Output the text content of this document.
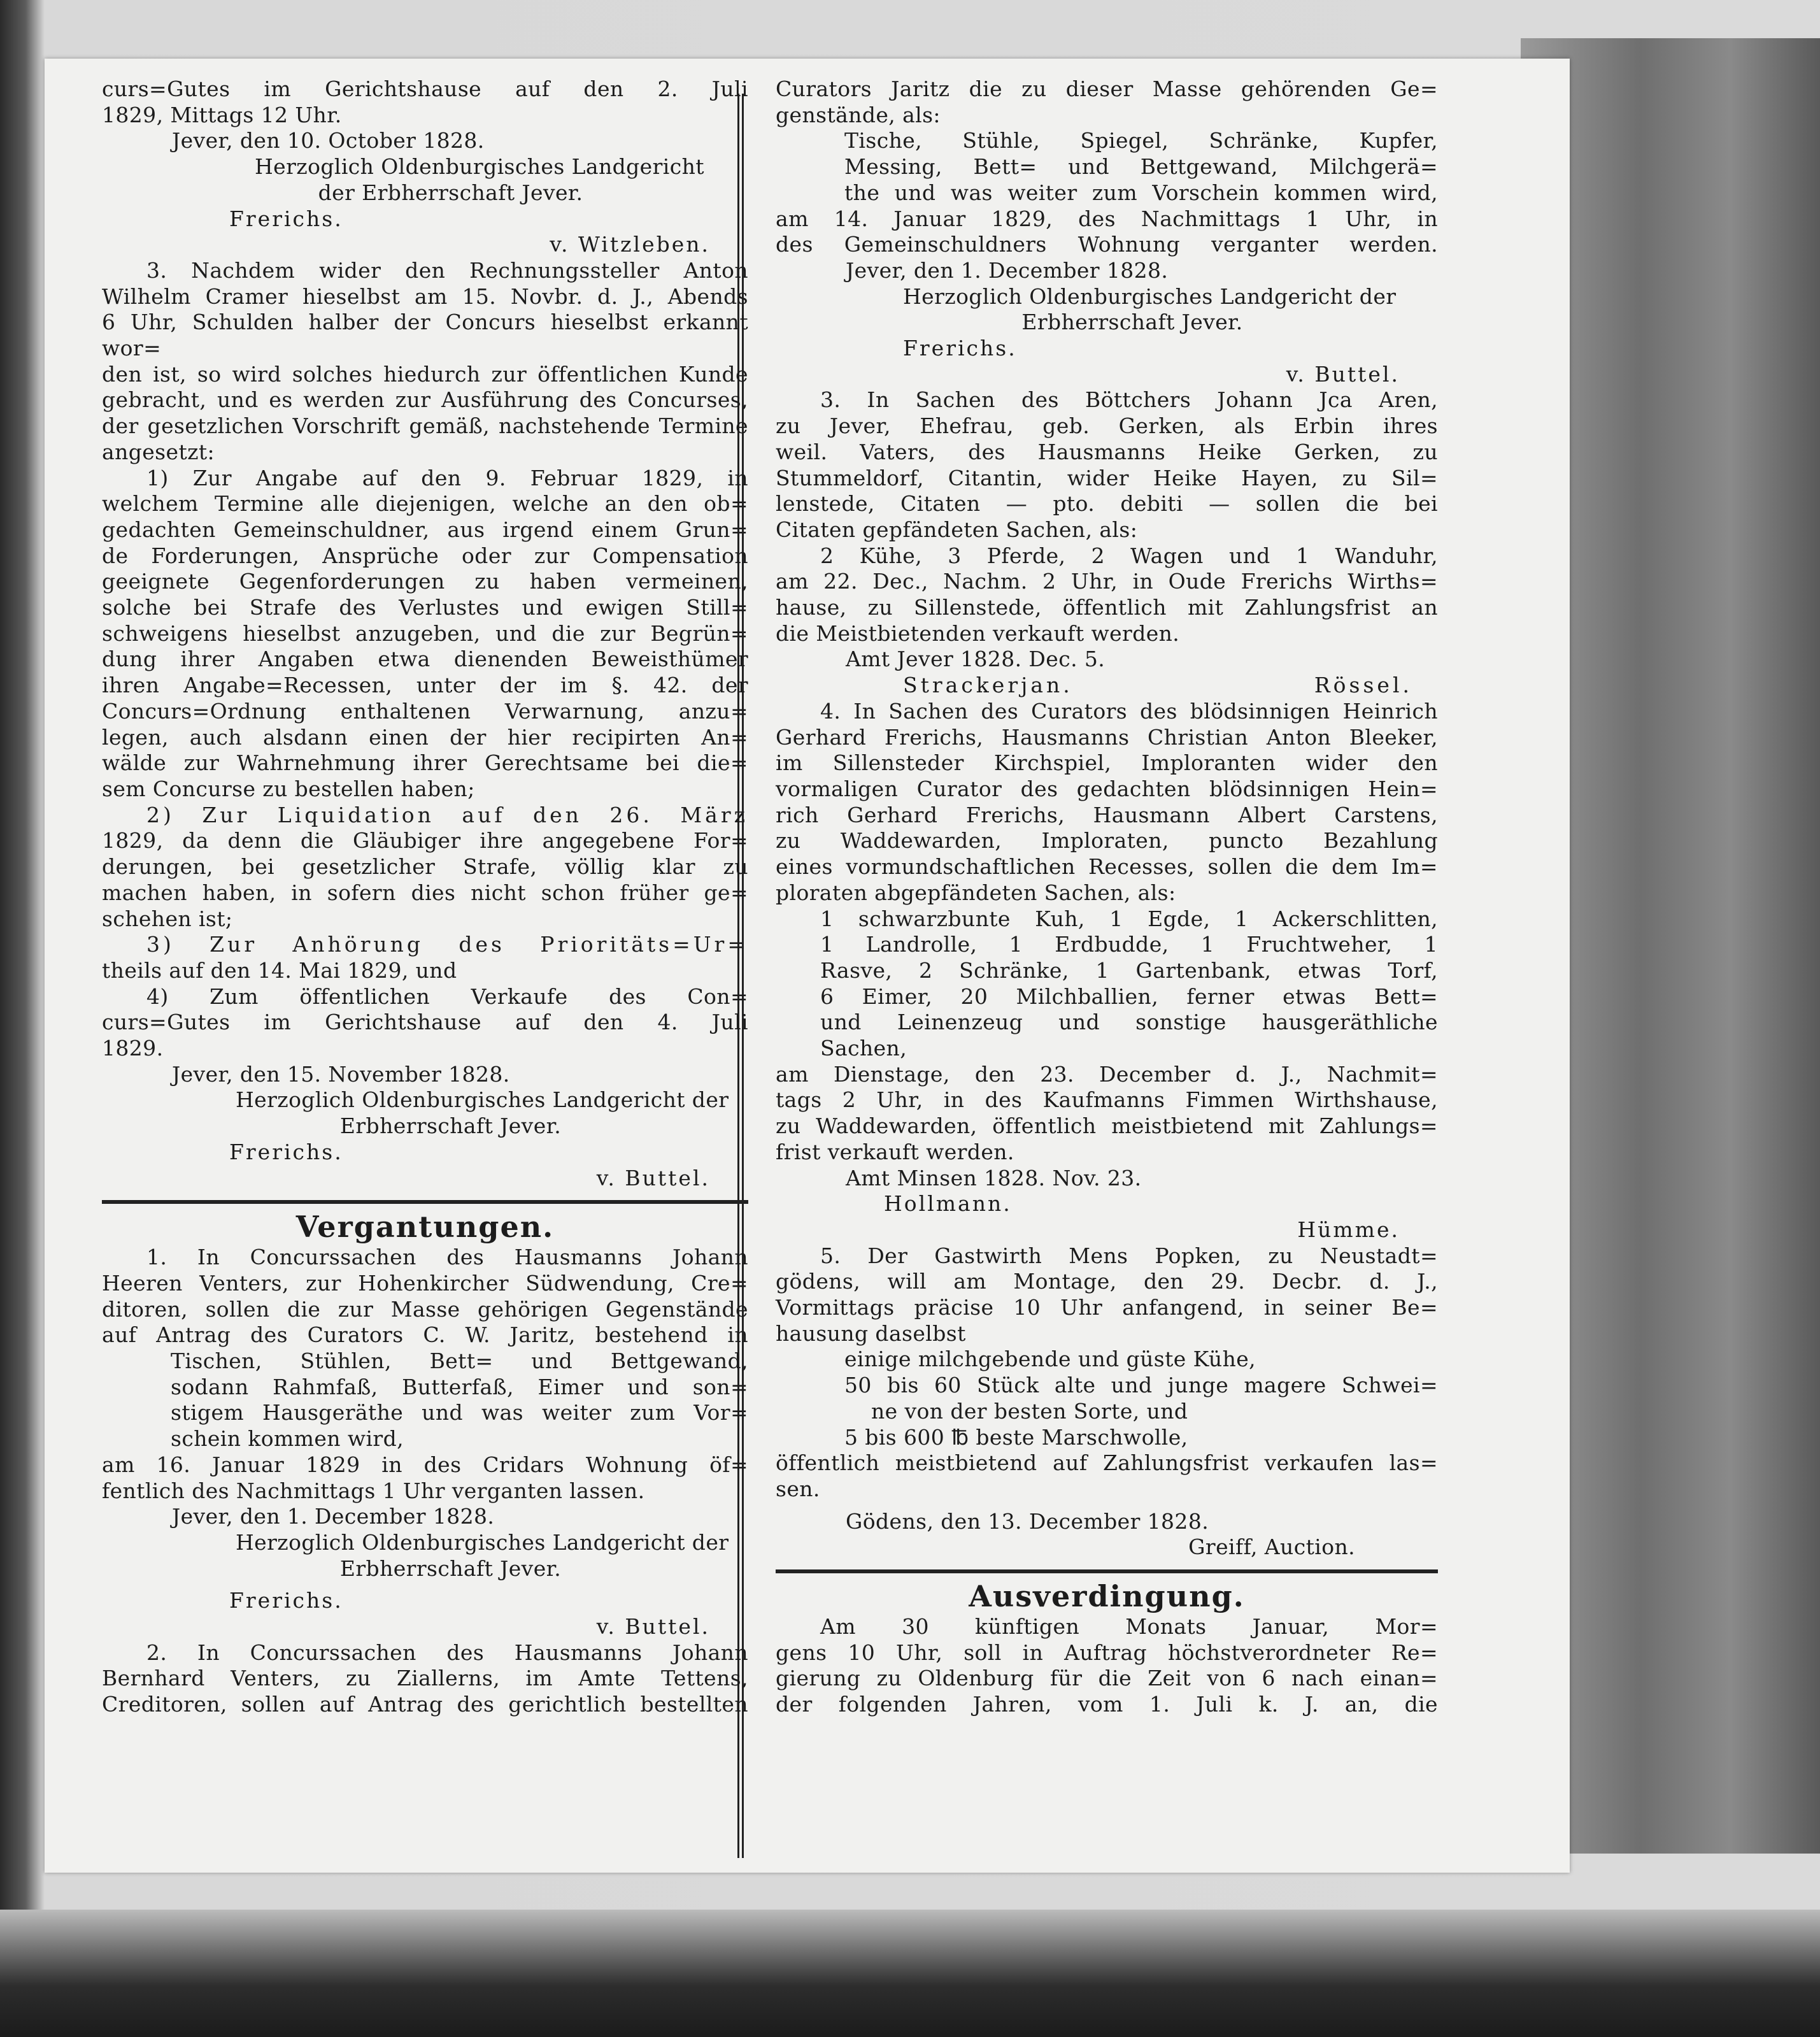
curs=Gutes im Gerichtshause auf den 2. Juli

1829, Mittags 12 Uhr.

Jever, den 10. October 1828.

Herzoglich Oldenburgisches Landgericht

der Erbherrschaft Jever.

Frerichs.

v. Witzleben.

3. Nachdem wider den Rechnungssteller Anton

Wilhelm Cramer hieselbst am 15. Novbr. d. J., Abends

6 Uhr, Schulden halber der Concurs hieselbst erkannt wor=

den ist, so wird solches hiedurch zur öffentlichen Kunde

gebracht, und es werden zur Ausführung des Concurses,

der gesetzlichen Vorschrift gemäß, nachstehende Termine

angesetzt:

1) Zur Angabe auf den 9. Februar 1829, in

welchem Termine alle diejenigen, welche an den ob=

gedachten Gemeinschuldner, aus irgend einem Grun=

de Forderungen, Ansprüche oder zur Compensation

geeignete Gegenforderungen zu haben vermeinen,

solche bei Strafe des Verlustes und ewigen Still=

schweigens hieselbst anzugeben, und die zur Begrün=

dung ihrer Angaben etwa dienenden Beweisthümer

ihren Angabe=Recessen, unter der im §. 42. der

Concurs=Ordnung enthaltenen Verwarnung, anzu=

legen, auch alsdann einen der hier recipirten An=

wälde zur Wahrnehmung ihrer Gerechtsame bei die=

sem Concurse zu bestellen haben;

2) Zur Liquidation auf den 26. März

1829, da denn die Gläubiger ihre angegebene For=

derungen, bei gesetzlicher Strafe, völlig klar zu

machen haben, in sofern dies nicht schon früher ge=

schehen ist;

3) Zur Anhörung des Prioritäts=Ur=

theils auf den 14. Mai 1829, und

4) Zum öffentlichen Verkaufe des Con=

curs=Gutes im Gerichtshause auf den 4. Juli

1829.

Jever, den 15. November 1828.

Herzoglich Oldenburgisches Landgericht der

Erbherrschaft Jever.

Frerichs.

v. Buttel.

Vergantungen.

1. In Concurssachen des Hausmanns Johann

Heeren Venters, zur Hohenkircher Südwendung, Cre=

ditoren, sollen die zur Masse gehörigen Gegenstände

auf Antrag des Curators C. W. Jaritz, bestehend in

Tischen, Stühlen, Bett= und Bettgewand,

sodann Rahmfaß, Butterfaß, Eimer und son=

stigem Hausgeräthe und was weiter zum Vor=

schein kommen wird,

am 16. Januar 1829 in des Cridars Wohnung öf=

fentlich des Nachmittags 1 Uhr verganten lassen.

Jever, den 1. December 1828.

Herzoglich Oldenburgisches Landgericht der

Erbherrschaft Jever.

Frerichs.

v. Buttel.

2. In Concurssachen des Hausmanns Johann

Bernhard Venters, zu Ziallerns, im Amte Tettens,

Creditoren, sollen auf Antrag des gerichtlich bestellten

Curators Jaritz die zu dieser Masse gehörenden Ge=

genstände, als:

Tische, Stühle, Spiegel, Schränke, Kupfer,

Messing, Bett= und Bettgewand, Milchgerä=

the und was weiter zum Vorschein kommen wird,

am 14. Januar 1829, des Nachmittags 1 Uhr, in

des Gemeinschuldners Wohnung verganter werden.

Jever, den 1. December 1828.

Herzoglich Oldenburgisches Landgericht der

Erbherrschaft Jever.

Frerichs.

v. Buttel.

3. In Sachen des Böttchers Johann Jca Aren,

zu Jever, Ehefrau, geb. Gerken, als Erbin ihres

weil. Vaters, des Hausmanns Heike Gerken, zu

Stummeldorf, Citantin, wider Heike Hayen, zu Sil=

lenstede, Citaten — pto. debiti — sollen die bei

Citaten gepfändeten Sachen, als:

2 Kühe, 3 Pferde, 2 Wagen und 1 Wanduhr,

am 22. Dec., Nachm. 2 Uhr, in Oude Frerichs Wirths=

hause, zu Sillenstede, öffentlich mit Zahlungsfrist an

die Meistbietenden verkauft werden.

Amt Jever 1828. Dec. 5.

Strackerjan.	Rössel.

4. In Sachen des Curators des blödsinnigen Heinrich

Gerhard Frerichs, Hausmanns Christian Anton Bleeker,

im Sillensteder Kirchspiel, Imploranten wider den

vormaligen Curator des gedachten blödsinnigen Hein=

rich Gerhard Frerichs, Hausmann Albert Carstens,

zu Waddewarden, Imploraten, puncto Bezahlung

eines vormundschaftlichen Recesses, sollen die dem Im=

ploraten abgepfändeten Sachen, als:

1 schwarzbunte Kuh, 1 Egde, 1 Ackerschlitten,

1 Landrolle, 1 Erdbudde, 1 Fruchtweher, 1

Rasve, 2 Schränke, 1 Gartenbank, etwas Torf,

6 Eimer, 20 Milchballien, ferner etwas Bett=

und Leinenzeug und sonstige hausgeräthliche

Sachen,

am Dienstage, den 23. December d. J., Nachmit=

tags 2 Uhr, in des Kaufmanns Fimmen Wirthshause,

zu Waddewarden, öffentlich meistbietend mit Zahlungs=

frist verkauft werden.

Amt Minsen 1828. Nov. 23.

Hollmann.

Hümme.

5. Der Gastwirth Mens Popken, zu Neustadt=

gödens, will am Montage, den 29. Decbr. d. J.,

Vormittags präcise 10 Uhr anfangend, in seiner Be=

hausung daselbst

einige milchgebende und güste Kühe,

50 bis 60 Stück alte und junge magere Schwei=

ne von der besten Sorte, und

5 bis 600 ℔ beste Marschwolle,

öffentlich meistbietend auf Zahlungsfrist verkaufen las=

sen.

Gödens, den 13. December 1828.

Greiff, Auction.

Ausverdingung.

Am 30 künftigen Monats Januar, Mor=

gens 10 Uhr, soll in Auftrag höchstverordneter Re=

gierung zu Oldenburg für die Zeit von 6 nach einan=

der folgenden Jahren, vom 1. Juli k. J. an, die
